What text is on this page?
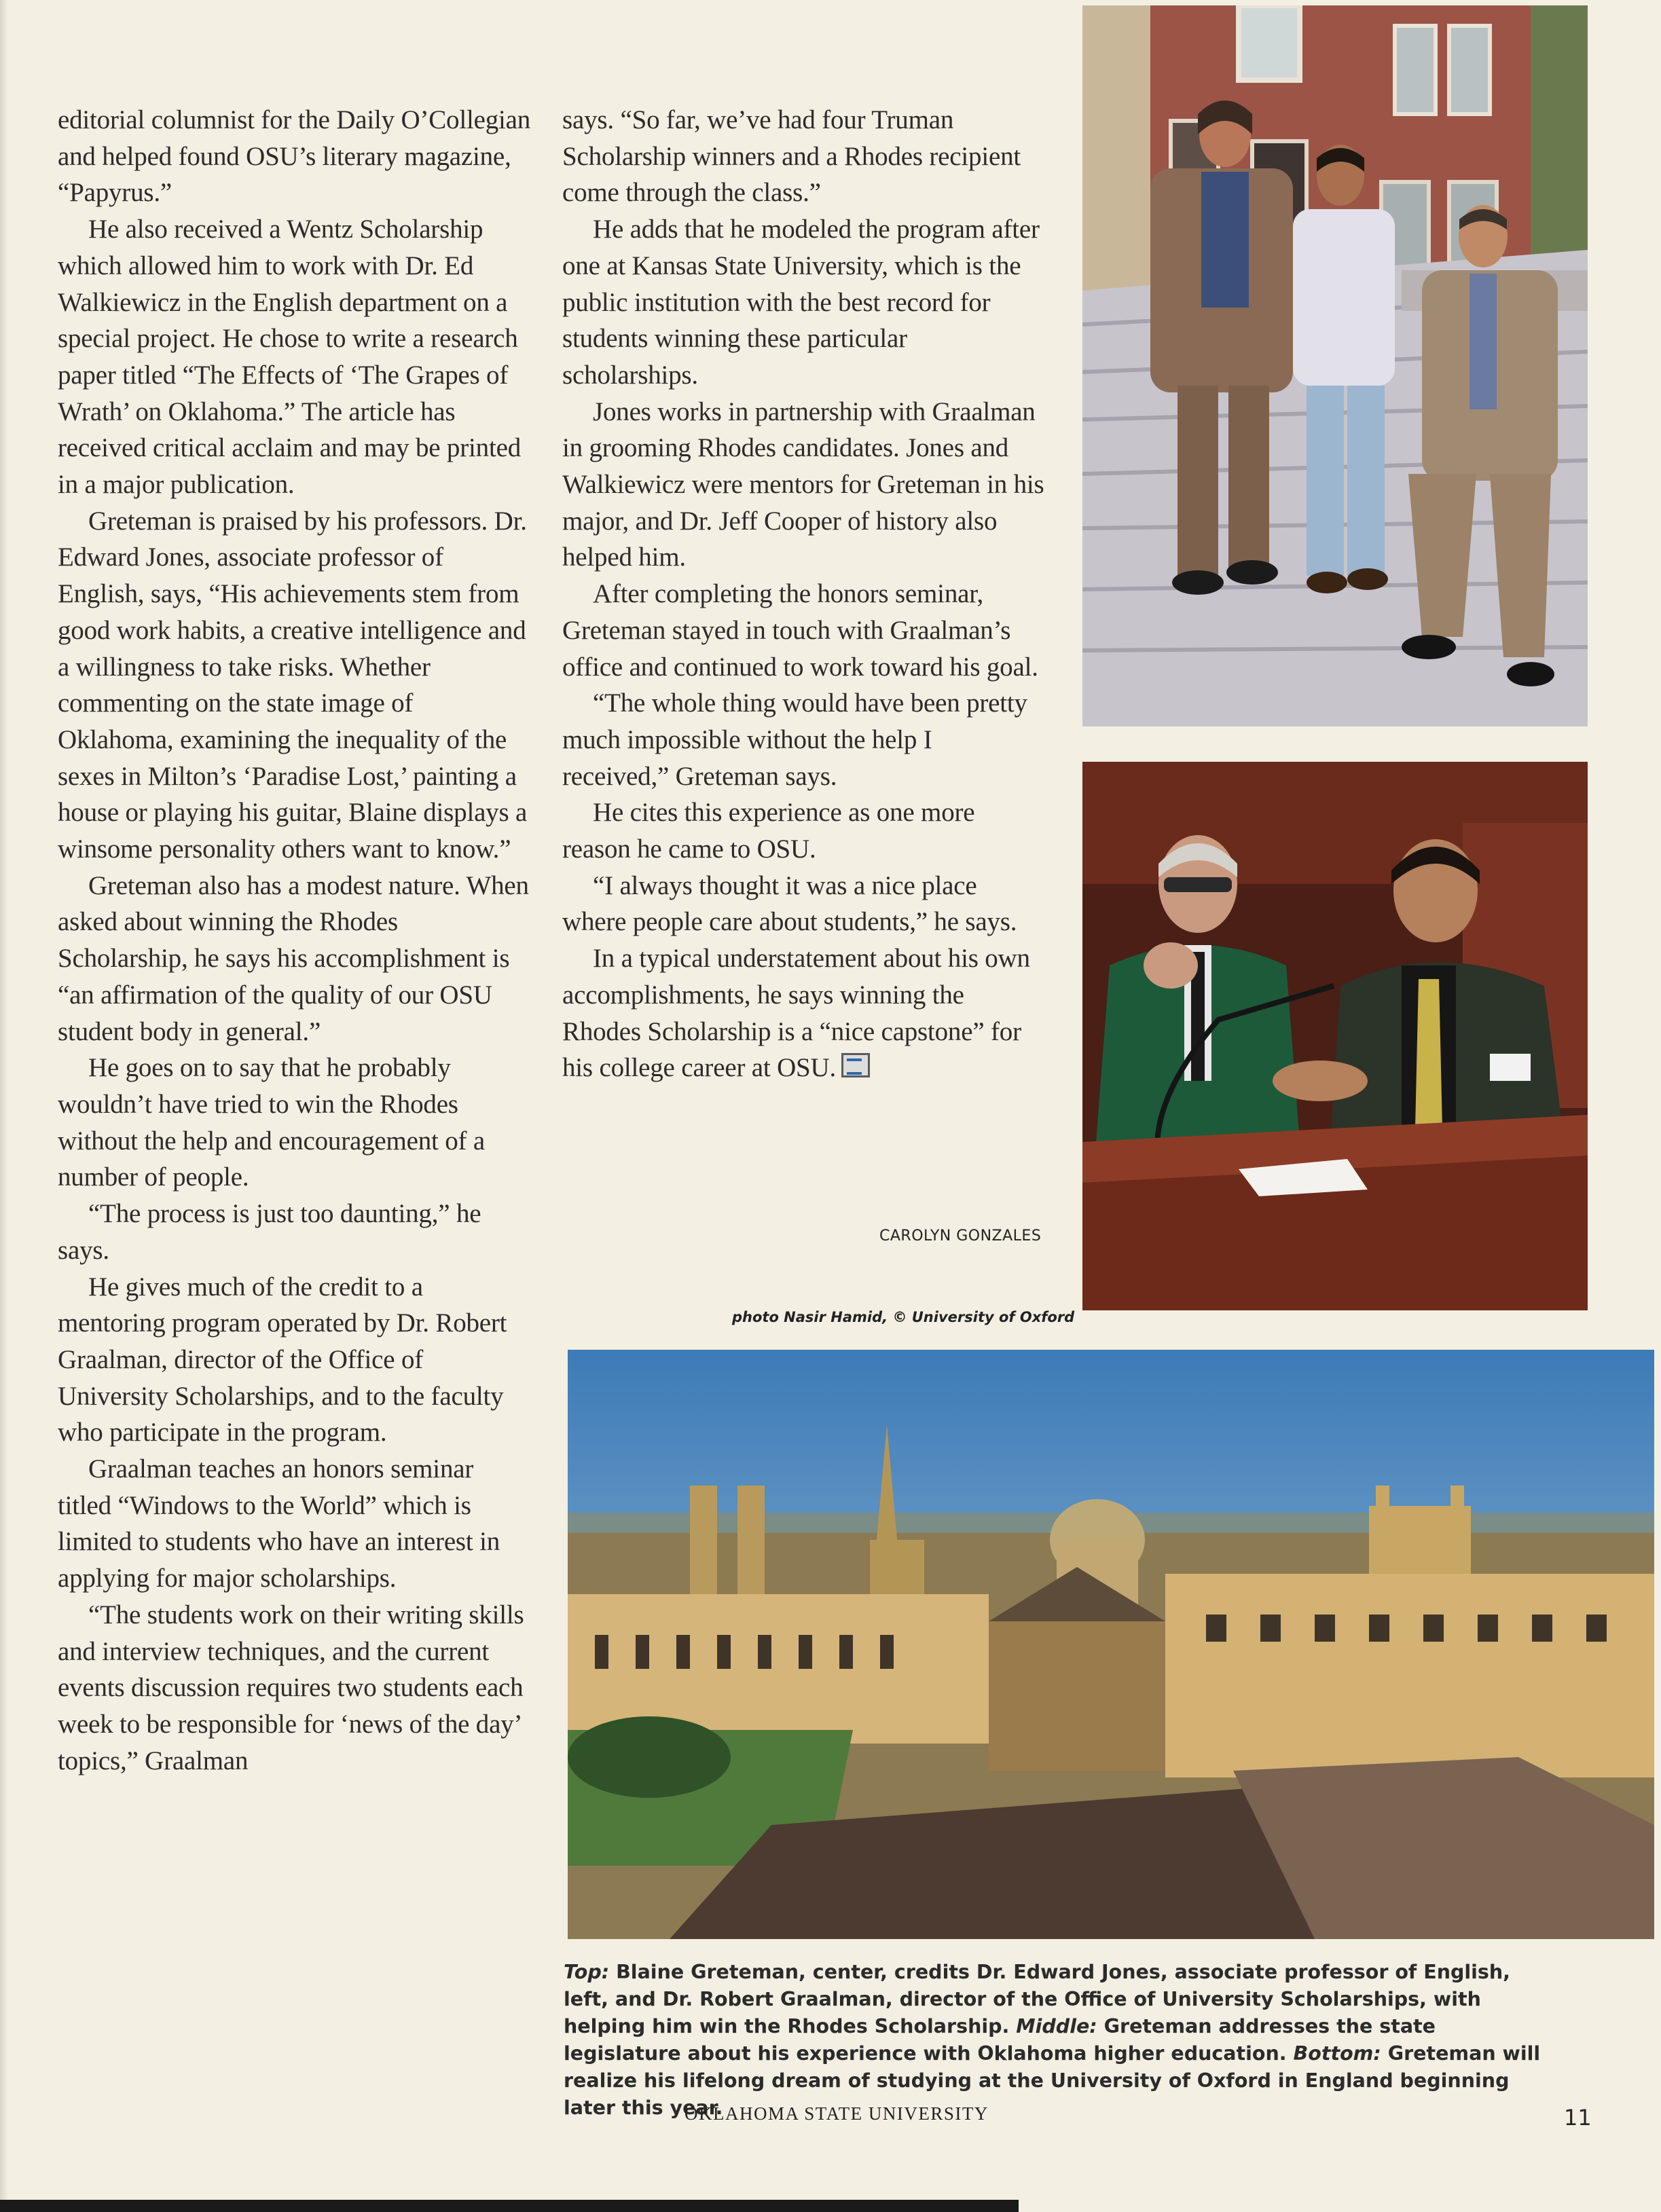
editorial columnist for the Daily O’Collegian and helped found OSU’s literary magazine, “Papyrus.”

He also received a Wentz Scholarship which allowed him to work with Dr. Ed Walkiewicz in the English department on a special project. He chose to write a research paper titled “The Effects of ‘The Grapes of Wrath’ on Oklahoma.” The article has received critical acclaim and may be printed in a major publication.

Greteman is praised by his professors. Dr. Edward Jones, associate professor of English, says, “His achievements stem from good work habits, a creative intelligence and a willingness to take risks. Whether commenting on the state image of Oklahoma, examining the inequality of the sexes in Milton’s ‘Paradise Lost,’ painting a house or playing his guitar, Blaine displays a winsome personality others want to know.”

Greteman also has a modest nature. When asked about winning the Rhodes Scholarship, he says his accomplishment is “an affirmation of the quality of our OSU student body in general.”

He goes on to say that he probably wouldn’t have tried to win the Rhodes without the help and encouragement of a number of people.

“The process is just too daunting,” he says.

He gives much of the credit to a mentoring program operated by Dr. Robert Graalman, director of the Office of University Scholarships, and to the faculty who participate in the program.

Graalman teaches an honors seminar titled “Windows to the World” which is limited to students who have an interest in applying for major scholarships.

“The students work on their writing skills and interview techniques, and the current events discussion requires two students each week to be responsible for ‘news of the day’ topics,” Graalman

says. “So far, we’ve had four Truman Scholarship winners and a Rhodes recipient come through the class.”

He adds that he modeled the program after one at Kansas State University, which is the public institution with the best record for students winning these particular scholarships.

Jones works in partnership with Graalman in grooming Rhodes candidates. Jones and Walkiewicz were mentors for Greteman in his major, and Dr. Jeff Cooper of history also helped him.

After completing the honors seminar, Greteman stayed in touch with Graalman’s office and continued to work toward his goal.

“The whole thing would have been pretty much impossible without the help I received,” Greteman says.

He cites this experience as one more reason he came to OSU.

“I always thought it was a nice place where people care about students,” he says.

In a typical understatement about his own accomplishments, he says winning the Rhodes Scholarship is a “nice capstone” for his college career at OSU.

CAROLYN GONZALES
photo Nasir Hamid, © University of Oxford
Top: Blaine Greteman, center, credits Dr. Edward Jones, associate professor of English, left, and Dr. Robert Graalman, director of the Office of University Scholarships, with helping him win the Rhodes Scholarship. Middle: Greteman addresses the state legislature about his experience with Oklahoma higher education. Bottom: Greteman will realize his lifelong dream of studying at the University of Oxford in England beginning later this year.
OKLAHOMA STATE UNIVERSITY	11
